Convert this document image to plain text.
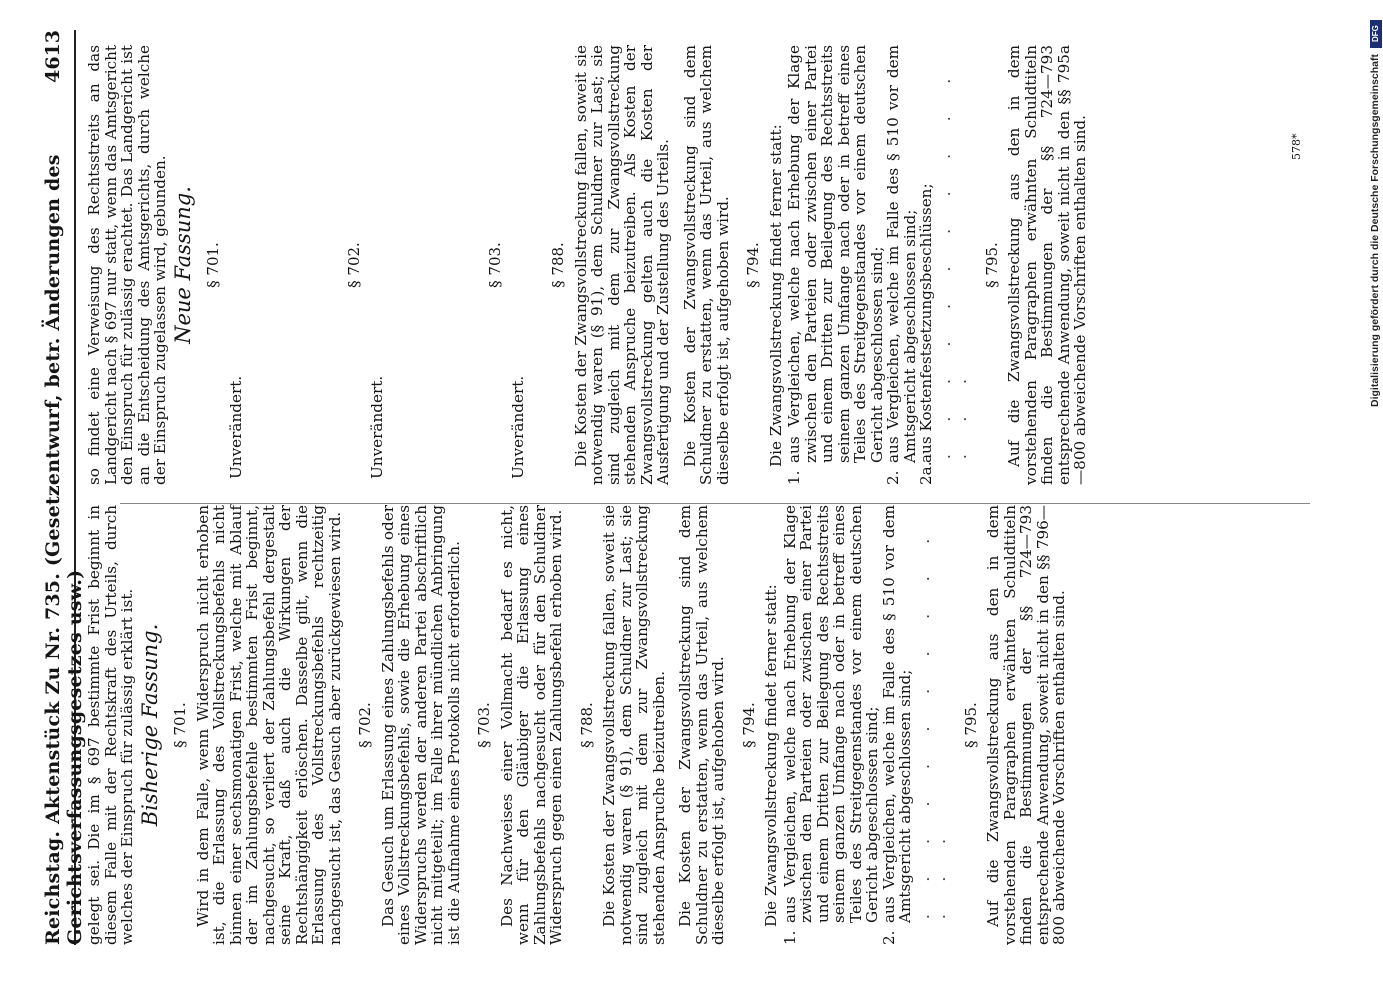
Reichstag. Aktenstück Zu Nr. 735. (Gesetzentwurf, betr. Änderungen des Gerichtsverfassungsgesetzes usw.)
4613

gelegt sei. Die im § 697 bestimmte Frist beginnt in diesem Falle mit der Rechtskraft des Urteils, durch welches der Einspruch für zulässig erklärt ist. Bisherige Fassung. § 701. Wird in dem Falle, wenn Widerspruch nicht erhoben ist, die Erlassung des Vollstreckungsbefehls nicht binnen einer sechsmonatigen Frist, welche mit Ablauf der im Zahlungsbefehle bestimmten Frist beginnt, nachgesucht, so verliert der Zahlungsbefehl dergestalt seine Kraft, daß auch die Wirkungen der Rechtshängigkeit erlöschen. Dasselbe gilt, wenn die Erlassung des Vollstreckungsbefehls rechtzeitig nachgesucht ist, das Gesuch aber zurückgewiesen wird. § 702. Das Gesuch um Erlassung eines Zahlungsbefehls oder eines Vollstreckungsbefehls, sowie die Erhebung eines Widerspruchs werden der anderen Partei abschriftlich nicht mitgeteilt; im Falle ihrer mündlichen Anbringung ist die Aufnahme eines Protokolls nicht erforderlich. § 703. Des Nachweises einer Vollmacht bedarf es nicht, wenn für den Gläubiger die Erlassung eines Zahlungsbefehls nachgesucht oder für den Schuldner Widerspruch gegen einen Zahlungsbefehl erhoben wird. § 788. Die Kosten der Zwangsvollstreckung fallen, soweit sie notwendig waren (§ 91), dem Schuldner zur Last; sie sind zugleich mit dem zur Zwangsvollstreckung stehenden Anspruche beizutreiben. Die Kosten der Zwangsvollstreckung sind dem Schuldner zu erstatten, wenn das Urteil, aus welchem dieselbe erfolgt ist, aufgehoben wird. § 794. Die Zwangsvollstreckung findet ferner statt:

1.
aus Vergleichen, welche nach Erhebung der Klage zwischen den Parteien oder zwischen einer Partei und einem Dritten zur Beilegung des Rechtsstreits seinem ganzen Umfange nach oder in betreff eines Teiles des Streitgegenstandes vor einem deutschen Gericht abgeschlossen sind;
2.
aus Vergleichen, welche im Falle des § 510 vor dem Amtsgericht abgeschlossen sind; . . . . . . . . . . . . . .
§ 795. Auf die Zwangsvollstreckung aus den in dem vorstehenden Paragraphen erwähnten Schuldtiteln finden die Bestimmungen der §§ 724—793 entsprechende Anwendung, soweit nicht in den §§ 796—800 abweichende Vorschriften enthalten sind.

so findet eine Verweisung des Rechtsstreits an das Landgericht nach § 697 nur statt, wenn das Amtsgericht den Einspruch für zulässig erachtet. Das Landgericht ist an die Entscheidung des Amtsgerichts, durch welche der Einspruch zugelassen wird, gebunden. Neue Fassung. § 701.

Unverändert.

§ 702.

Unverändert.

§ 703.

Unverändert.

§ 788. Die Kosten der Zwangsvollstreckung fallen, soweit sie notwendig waren (§ 91), dem Schuldner zur Last; sie sind zugleich mit dem zur Zwangsvollstreckung stehenden Anspruche beizutreiben. Als Kosten der Zwangsvollstreckung gelten auch die Kosten der Ausfertigung und der Zustellung des Urteils. Die Kosten der Zwangsvollstreckung sind dem Schuldner zu erstatten, wenn das Urteil, aus welchem dieselbe erfolgt ist, aufgehoben wird. § 794. Die Zwangsvollstreckung findet ferner statt:

1.
aus Vergleichen, welche nach Erhebung der Klage zwischen den Parteien oder zwischen einer Partei und einem Dritten zur Beilegung des Rechtsstreits seinem ganzen Umfange nach oder in betreff eines Teiles des Streitgegenstandes vor einem deutschen Gericht abgeschlossen sind;
2.
aus Vergleichen, welche im Falle des § 510 vor dem Amtsgericht abgeschlossen sind;
2a.
aus Kostenfestsetzungsbeschlüssen; . . . . . . . . . . . . . .
§ 795. Auf die Zwangsvollstreckung aus den in dem vorstehenden Paragraphen erwähnten Schuldtiteln finden die Bestimmungen der §§ 724—793 entsprechende Anwendung, soweit nicht in den §§ 795a—800 abweichende Vorschriften enthalten sind.	578*
DFG
Digitalisierung gefördert durch die Deutsche Forschungsgemeinschaft
